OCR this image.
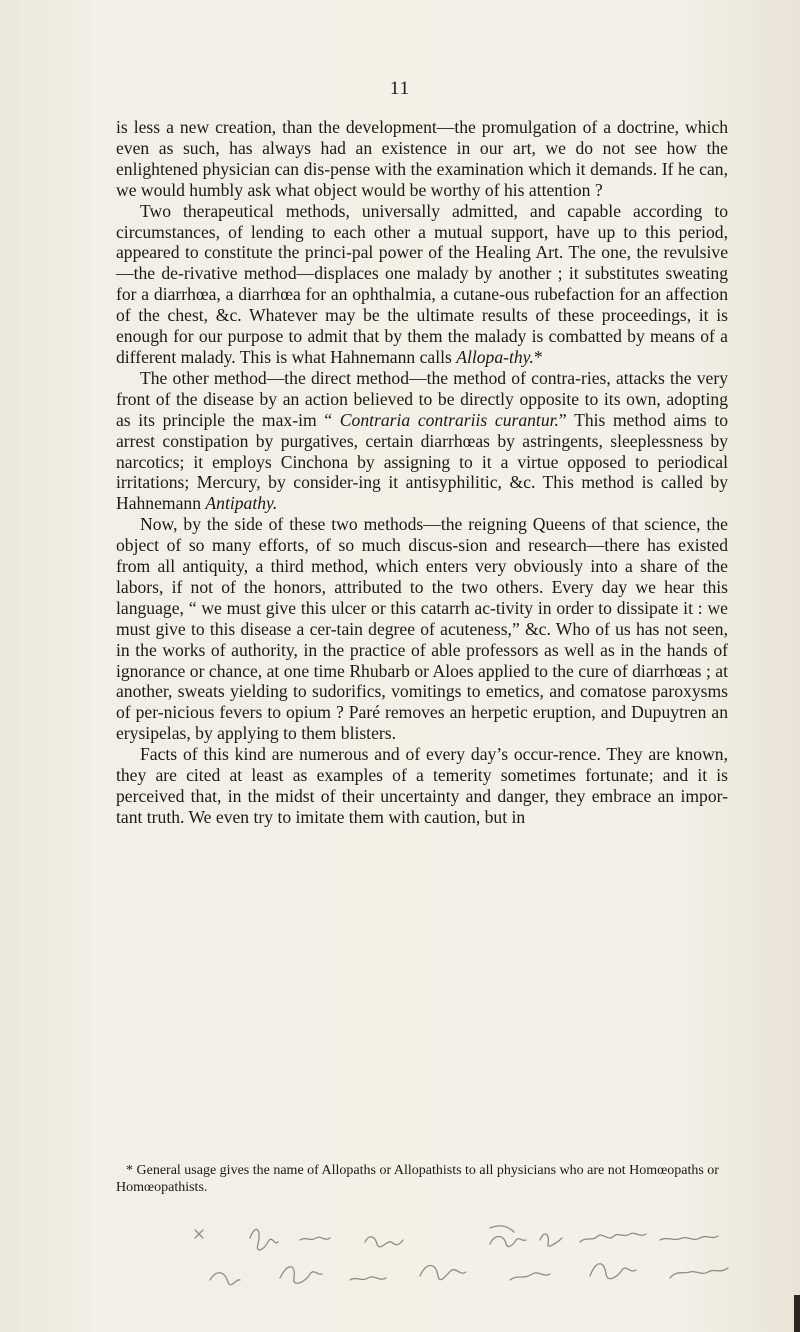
11

is less a new creation, than the development—the promulgation of a doctrine, which even as such, has always had an existence in our art, we do not see how the enlightened physician can dis-pense with the examination which it demands. If he can, we would humbly ask what object would be worthy of his attention ?

Two therapeutical methods, universally admitted, and capable according to circumstances, of lending to each other a mutual support, have up to this period, appeared to constitute the princi-pal power of the Healing Art. The one, the revulsive—the de-rivative method—displaces one malady by another ; it substitutes sweating for a diarrhœa, a diarrhœa for an ophthalmia, a cutane-ous rubefaction for an affection of the chest, &c. Whatever may be the ultimate results of these proceedings, it is enough for our purpose to admit that by them the malady is combatted by means of a different malady. This is what Hahnemann calls Allopa-thy.*

The other method—the direct method—the method of contra-ries, attacks the very front of the disease by an action believed to be directly opposite to its own, adopting as its principle the max-im “ Contraria contrariis curantur.” This method aims to arrest constipation by purgatives, certain diarrhœas by astringents, sleeplessness by narcotics; it employs Cinchona by assigning to it a virtue opposed to periodical irritations; Mercury, by consider-ing it antisyphilitic, &c. This method is called by Hahnemann Antipathy.

Now, by the side of these two methods—the reigning Queens of that science, the object of so many efforts, of so much discus-sion and research—there has existed from all antiquity, a third method, which enters very obviously into a share of the labors, if not of the honors, attributed to the two others. Every day we hear this language, “ we must give this ulcer or this catarrh ac-tivity in order to dissipate it : we must give to this disease a cer-tain degree of acuteness,” &c. Who of us has not seen, in the works of authority, in the practice of able professors as well as in the hands of ignorance or chance, at one time Rhubarb or Aloes applied to the cure of diarrhœas ; at another, sweats yielding to sudorifics, vomitings to emetics, and comatose paroxysms of per-nicious fevers to opium ? Paré removes an herpetic eruption, and Dupuytren an erysipelas, by applying to them blisters.

Facts of this kind are numerous and of every day’s occur-rence. They are known, they are cited at least as examples of a temerity sometimes fortunate; and it is perceived that, in the midst of their uncertainty and danger, they embrace an impor-tant truth. We even try to imitate them with caution, but in

* General usage gives the name of Allopaths or Allopathists to all physicians who are not Homœopaths or Homœopathists.
